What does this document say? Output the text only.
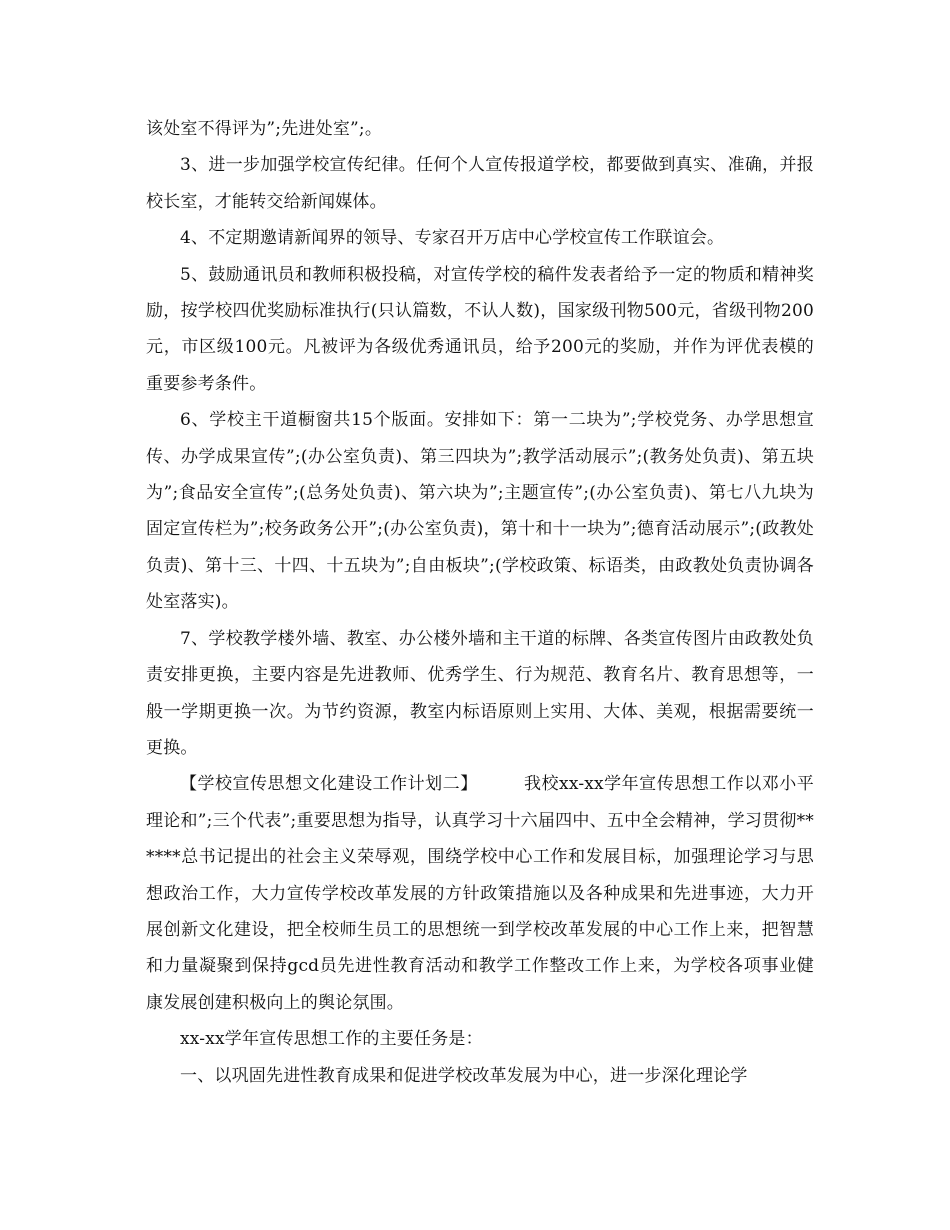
该处室不得评为”;先进处室”;。

3、进一步加强学校宣传纪律。任何个人宣传报道学校，都要做到真实、准确，并报校长室，才能转交给新闻媒体。

4、不定期邀请新闻界的领导、专家召开万店中心学校宣传工作联谊会。

5、鼓励通讯员和教师积极投稿，对宣传学校的稿件发表者给予一定的物质和精神奖励，按学校四优奖励标准执行(只认篇数，不认人数)，国家级刊物500元，省级刊物200元，市区级100元。凡被评为各级优秀通讯员，给予200元的奖励，并作为评优表模的重要参考条件。

6、学校主干道橱窗共15个版面。安排如下：第一二块为”;学校党务、办学思想宣传、办学成果宣传”;(办公室负责)、第三四块为”;教学活动展示”;(教务处负责)、第五块为”;食品安全宣传”;(总务处负责)、第六块为”;主题宣传”;(办公室负责)、第七八九块为固定宣传栏为”;校务政务公开”;(办公室负责)，第十和十一块为”;德育活动展示”;(政教处负责)、第十三、十四、十五块为”;自由板块”;(学校政策、标语类，由政教处负责协调各处室落实)。

7、学校教学楼外墙、教室、办公楼外墙和主干道的标牌、各类宣传图片由政教处负责安排更换，主要内容是先进教师、优秀学生、行为规范、教育名片、教育思想等，一般一学期更换一次。为节约资源，教室内标语原则上实用、大体、美观，根据需要统一更换。

【学校宣传思想文化建设工作计划二】	我校xx-xx学年宣传思想工作以邓小平理论和”;三个代表”;重要思想为指导，认真学习十六届四中、五中全会精神，学习贯彻******总书记提出的社会主义荣辱观，围绕学校中心工作和发展目标，加强理论学习与思想政治工作，大力宣传学校改革发展的方针政策措施以及各种成果和先进事迹，大力开展创新文化建设，把全校师生员工的思想统一到学校改革发展的中心工作上来，把智慧和力量凝聚到保持gcd员先进性教育活动和教学工作整改工作上来，为学校各项事业健康发展创建积极向上的舆论氛围。

xx-xx学年宣传思想工作的主要任务是：

一、以巩固先进性教育成果和促进学校改革发展为中心，进一步深化理论学
